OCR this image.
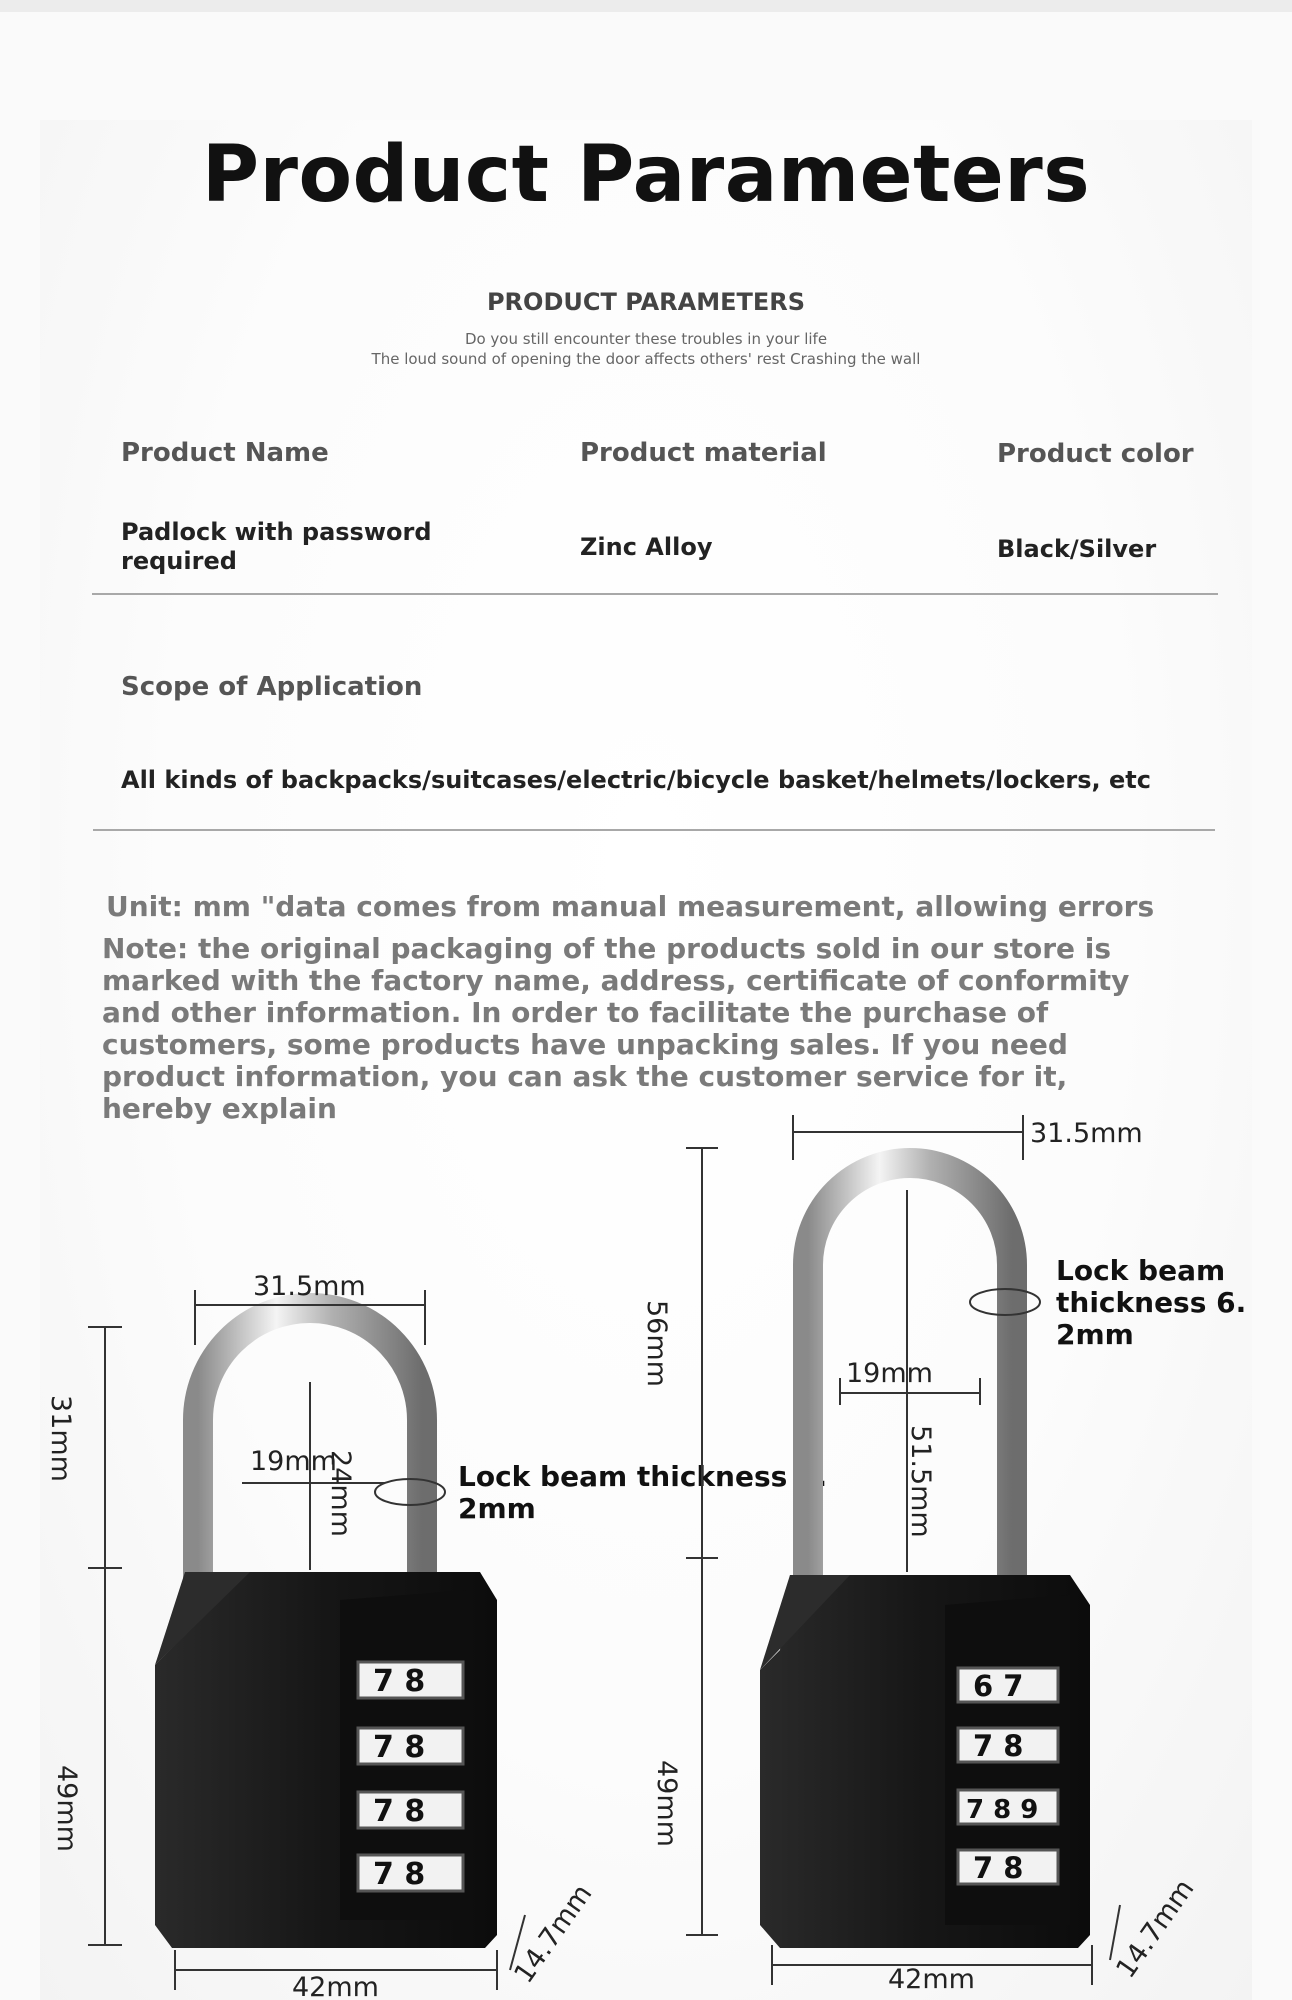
Product Parameters
PRODUCT PARAMETERS
Do you still encounter these troubles in your life
The loud sound of opening the door affects others' rest Crashing the wall
Product Name	Product material	Product color
Padlock with password required	Zinc Alloy	Black/Silver
Scope of Application
All kinds of backpacks/suitcases/electric/bicycle basket/helmets/lockers, etc
Unit: mm "data comes from manual measurement, allowing errors
Note: the original packaging of the products sold in our store is marked with the factory name, address, certificate of conformity and other information. In order to facilitate the purchase of customers, some products have unpacking sales. If you need product information, you can ask the customer service for it, hereby explain
7 8
7 8
7 8
7 8
31.5mm
19mm
24mm
31mm
49mm
42mm	14.7mm
Lock beam thickness 6.
2mm
6 7
7 8
7 8 9
7 8
31.5mm
19mm
51.5mm
56mm
49mm
42mm	14.7mm
Lock beam
thickness 6.
2mm
